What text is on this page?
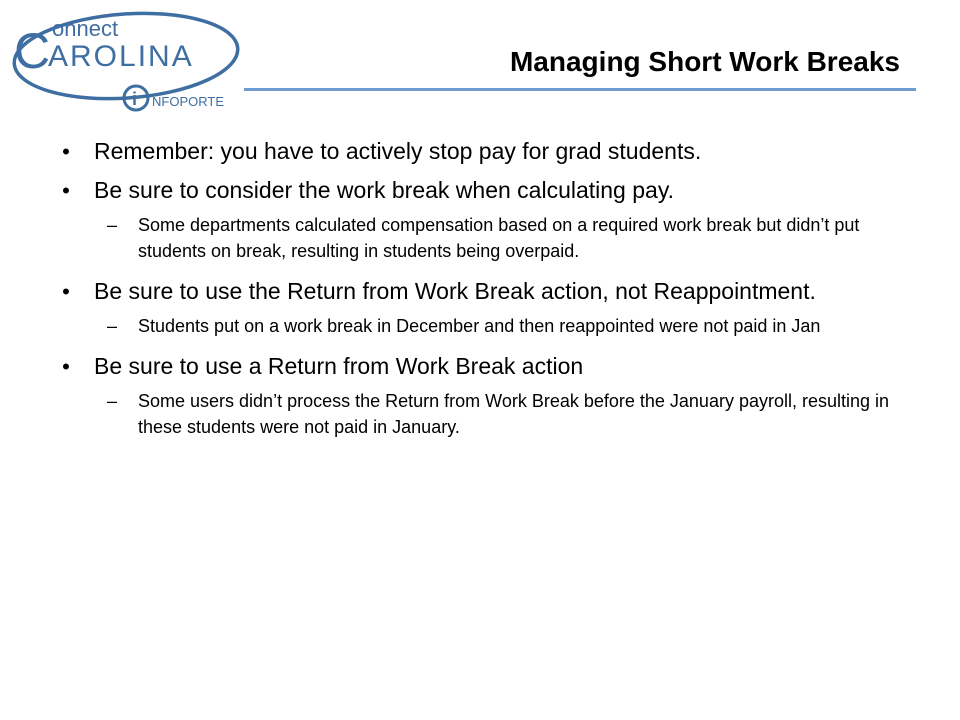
C onnect
AROLINA
i NFOPORTE
Managing Short Work Breaks
• Remember: you have to actively stop pay for grad students.
• Be sure to consider the work break when calculating pay.
–	Some departments calculated compensation based on a required work break but didn’t put students on break, resulting in students being overpaid.
• Be sure to use the Return from Work Break action, not Reappointment.
–	Students put on a work break in December and then reappointed were not paid in Jan
• Be sure to use a Return from Work Break action
–	Some users didn’t process the Return from Work Break before the January payroll, resulting in these students were not paid in January.
